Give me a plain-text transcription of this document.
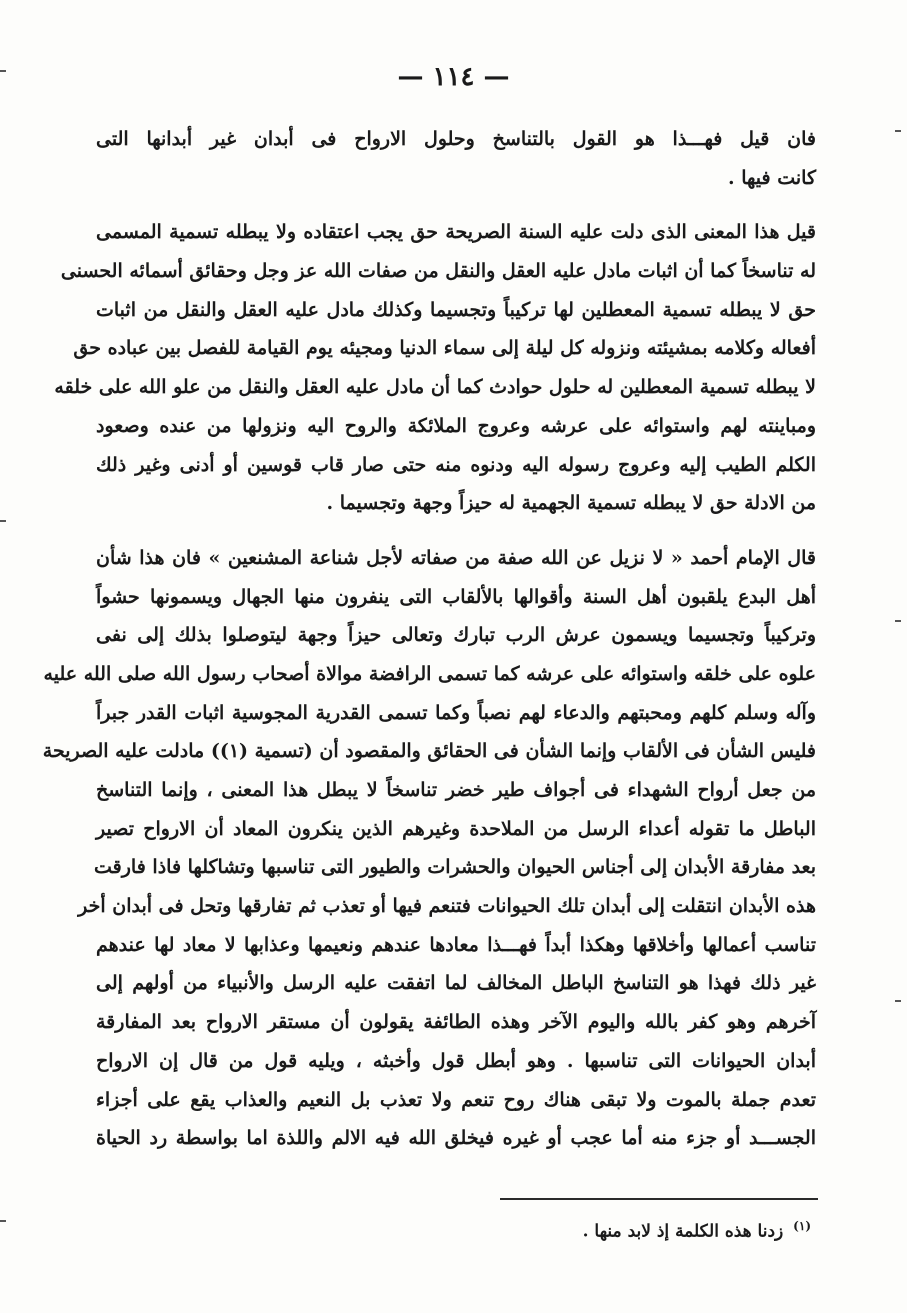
— ١١٤ —
فان قيل فهـــذا هو القول بالتناسخ وحلول الارواح فى أبدان غير أبدانها التى
كانت فيها .
قيل هذا المعنى الذى دلت عليه السنة الصريحة حق يجب اعتقاده ولا يبطله تسمية المسمى
له تناسخاً كما أن اثبات مادل عليه العقل والنقل من صفات الله عز وجل وحقائق أسمائه الحسنى
حق لا يبطله تسمية المعطلين لها تركيباً وتجسيما وكذلك مادل عليه العقل والنقل من اثبات
أفعاله وكلامه بمشيئته ونزوله كل ليلة إلى سماء الدنيا ومجيئه يوم القيامة للفصل بين عباده حق
لا يبطله تسمية المعطلين له حلول حوادث كما أن مادل عليه العقل والنقل من علو الله على خلقه
ومباينته لهم واستوائه على عرشه وعروج الملائكة والروح اليه ونزولها من عنده وصعود
الكلم الطيب إليه وعروج رسوله اليه ودنوه منه حتى صار قاب قوسين أو أدنى وغير ذلك
من الادلة حق لا يبطله تسمية الجهمية له حيزاً وجهة وتجسيما .
قال الإمام أحمد « لا نزيل عن الله صفة من صفاته لأجل شناعة المشنعين » فان هذا شأن
أهل البدع يلقبون أهل السنة وأقوالها بالألقاب التى ينفرون منها الجهال ويسمونها حشواً
وتركيباً وتجسيما ويسمون عرش الرب تبارك وتعالى حيزاً وجهة ليتوصلوا بذلك إلى نفى
علوه على خلقه واستوائه على عرشه كما تسمى الرافضة موالاة أصحاب رسول الله صلى الله عليه
وآله وسلم كلهم ومحبتهم والدعاء لهم نصباً وكما تسمى القدرية المجوسية اثبات القدر جبراً
فليس الشأن فى الألقاب وإنما الشأن فى الحقائق والمقصود أن (تسمية (١)) مادلت عليه الصريحة
من جعل أرواح الشهداء فى أجواف طير خضر تناسخاً لا يبطل هذا المعنى ، وإنما التناسخ
الباطل ما تقوله أعداء الرسل من الملاحدة وغيرهم الذين ينكرون المعاد أن الارواح تصير
بعد مفارقة الأبدان إلى أجناس الحيوان والحشرات والطيور التى تناسبها وتشاكلها فاذا فارقت
هذه الأبدان انتقلت إلى أبدان تلك الحيوانات فتنعم فيها أو تعذب ثم تفارقها وتحل فى أبدان أخر
تناسب أعمالها وأخلاقها وهكذا أبداً فهـــذا معادها عندهم ونعيمها وعذابها لا معاد لها عندهم
غير ذلك فهذا هو التناسخ الباطل المخالف لما اتفقت عليه الرسل والأنبياء من أولهم إلى
آخرهم وهو كفر بالله واليوم الآخر وهذه الطائفة يقولون أن مستقر الارواح بعد المفارقة
أبدان الحيوانات التى تناسبها . وهو أبطل قول وأخبثه ، ويليه قول من قال إن الارواح
تعدم جملة بالموت ولا تبقى هناك روح تنعم ولا تعذب بل النعيم والعذاب يقع على أجزاء
الجســـد أو جزء منه أما عجب أو غيره فيخلق الله فيه الالم واللذة اما بواسطة رد الحياة
$^{(١)}$ زدنا هذه الكلمة إذ لابد منها .
